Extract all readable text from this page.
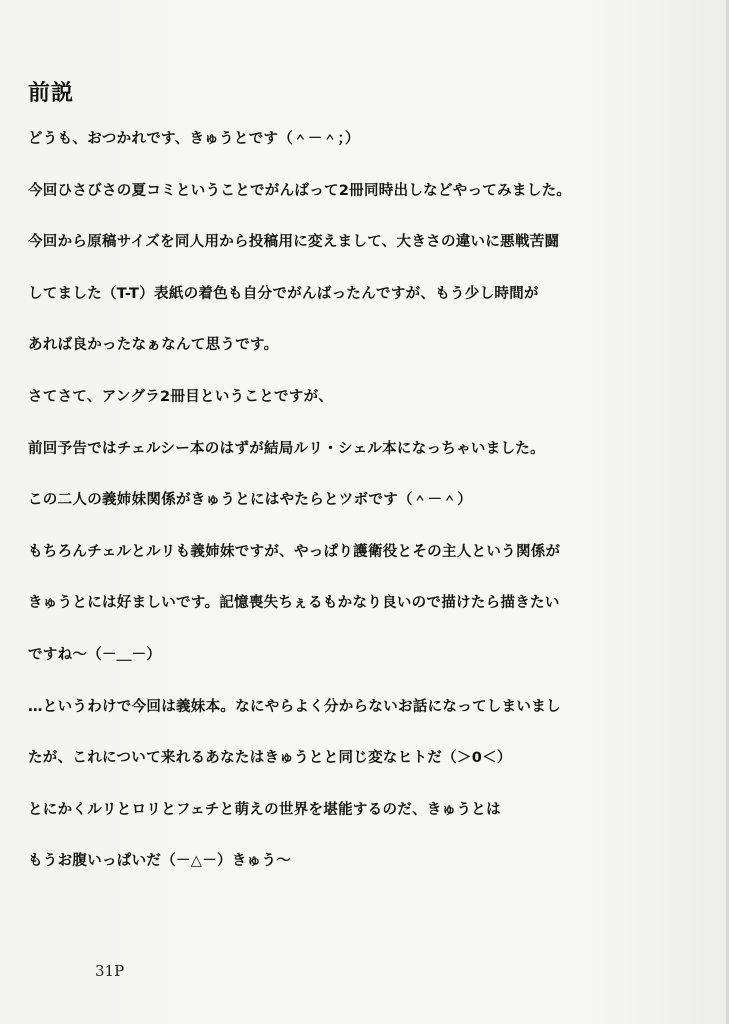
前説
どうも、おつかれです、きゅうとです（＾－＾；）
今回ひさびさの夏コミということでがんばって2冊同時出しなどやってみました。
今回から原稿サイズを同人用から投稿用に変えまして、大きさの違いに悪戦苦闘
してました（T-T）表紙の着色も自分でがんばったんですが、もう少し時間が
あれば良かったなぁなんて思うです。
さてさて、アングラ2冊目ということですが、
前回予告ではチェルシー本のはずが結局ルリ・シェル本になっちゃいました。
この二人の義姉妹関係がきゅうとにはやたらとツボです（＾－＾）
もちろんチェルとルリも義姉妹ですが、やっぱり護衛役とその主人という関係が
きゅうとには好ましいです。記憶喪失ちぇるもかなり良いので描けたら描きたい
ですね～（－＿－）
…というわけで今回は義妹本。なにやらよく分からないお話になってしまいまし
たが、これについて来れるあなたはきゅうとと同じ変なヒトだ（＞0＜）
とにかくルリとロリとフェチと萌えの世界を堪能するのだ、きゅうとは
もうお腹いっぱいだ（－△－）きゅう～
31P
